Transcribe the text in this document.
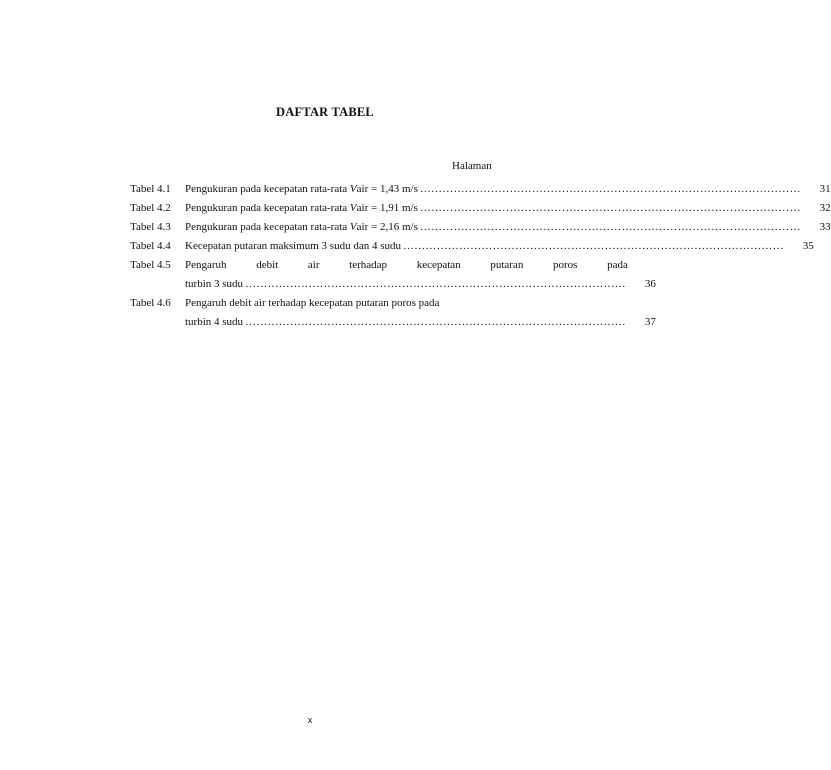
DAFTAR TABEL
Halaman
Tabel 4.1	Pengukuran pada kecepatan rata-rata Vair = 1,43 m/s …………………………………………………………………………………………	31
Tabel 4.2	Pengukuran pada kecepatan rata-rata Vair = 1,91 m/s …………………………………………………………………………………………	32
Tabel 4.3	Pengukuran pada kecepatan rata-rata Vair = 2,16 m/s …………………………………………………………………………………………	33
Tabel 4.4	Kecepatan putaran maksimum 3 sudu dan 4 sudu …………………………………………………………………………………………	35
Tabel 4.5	Pengaruh debit air terhadap kecepatan putaran poros pada
turbin 3 sudu …………………………………………………………………………………………	36
Tabel 4.6	Pengaruh debit air terhadap kecepatan putaran poros pada
turbin 4 sudu …………………………………………………………………………………………	37
x
